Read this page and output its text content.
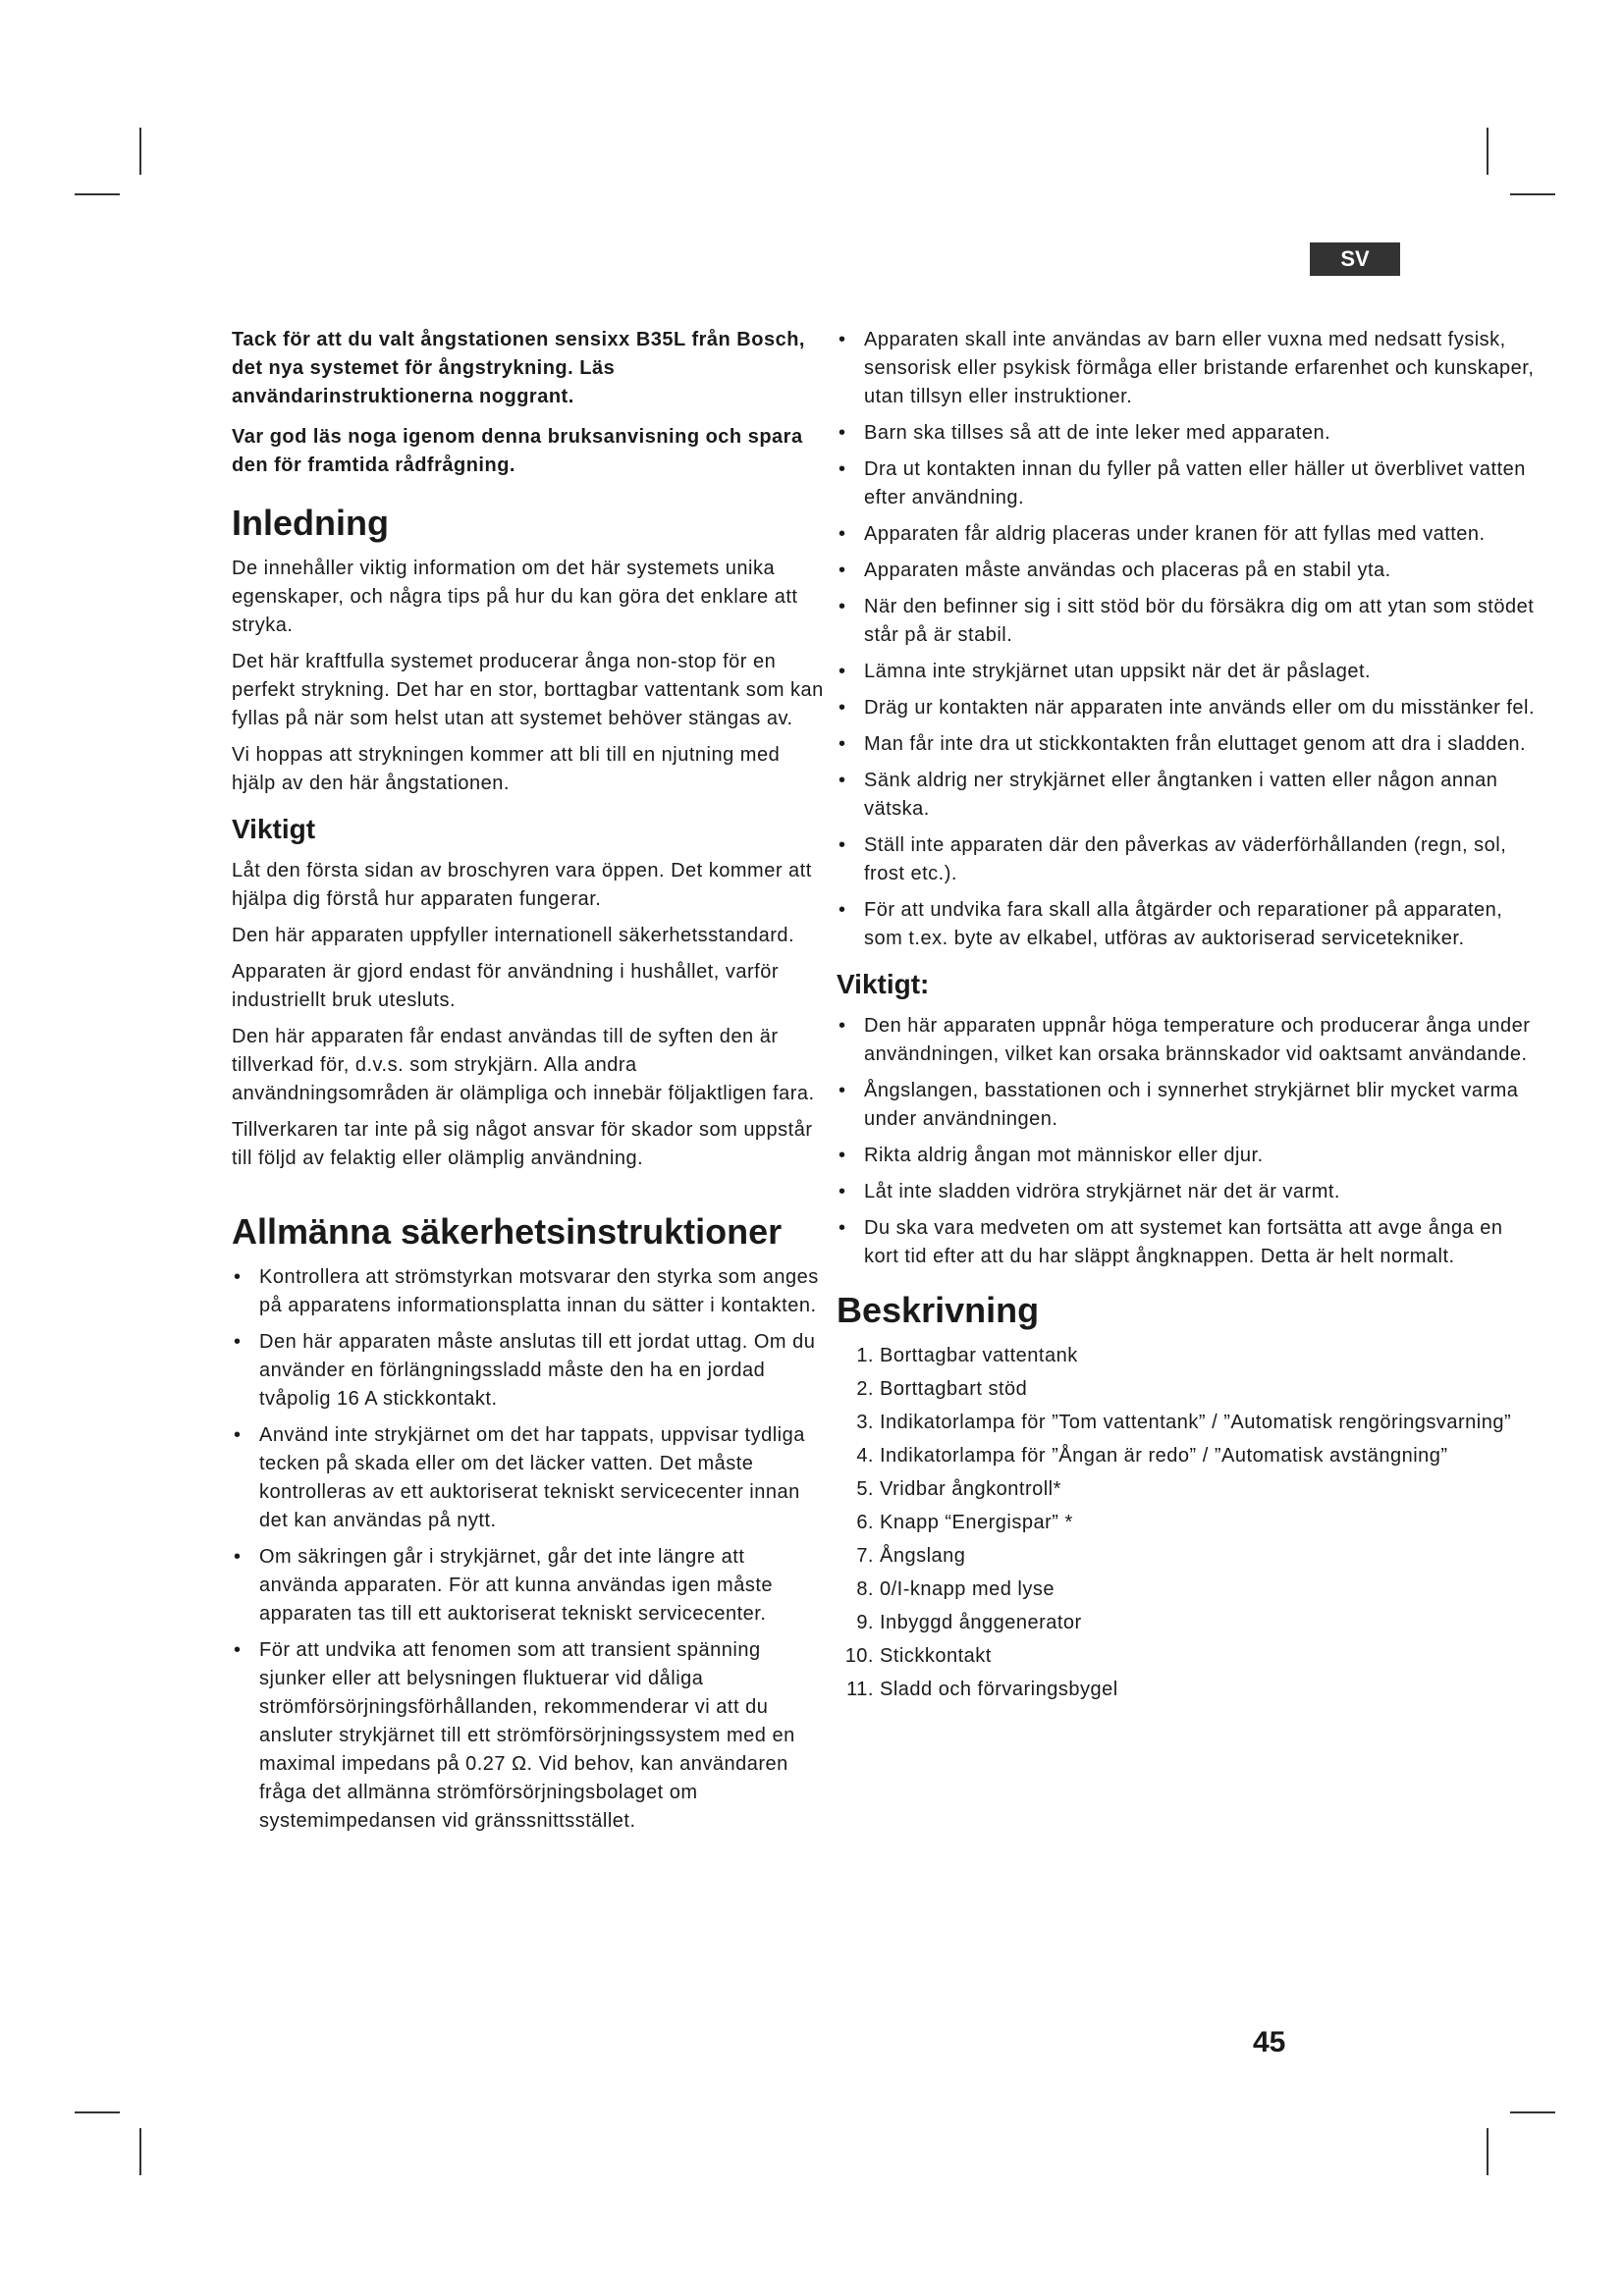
SV

Tack för att du valt ångstationen sensixx B35L från Bosch, det nya systemet för ångstrykning. Läs användarinstruktionerna noggrant.

Var god läs noga igenom denna bruksanvisning och spara den för framtida rådfrågning.

Inledning

De innehåller viktig information om det här systemets unika egenskaper, och några tips på hur du kan göra det enklare att stryka.

Det här kraftfulla systemet producerar ånga non-stop för en perfekt strykning. Det har en stor, borttagbar vattentank som kan fyllas på när som helst utan att systemet behöver stängas av.

Vi hoppas att strykningen kommer att bli till en njutning med hjälp av den här ångstationen.

Viktigt

Låt den första sidan av broschyren vara öppen. Det kommer att hjälpa dig förstå hur apparaten fungerar.

Den här apparaten uppfyller internationell säkerhetsstandard.

Apparaten är gjord endast för användning i hushållet, varför industriellt bruk utesluts.

Den här apparaten får endast användas till de syften den är tillverkad för, d.v.s. som strykjärn. Alla andra användningsområden är olämpliga och innebär följaktligen fara.

Tillverkaren tar inte på sig något ansvar för skador som uppstår till följd av felaktig eller olämplig användning.

Allmänna säkerhetsinstruktioner
• Kontrollera att strömstyrkan motsvarar den styrka som anges på apparatens informationsplatta innan du sätter i kontakten.
• Den här apparaten måste anslutas till ett jordat uttag. Om du använder en förlängningssladd måste den ha en jordad tvåpolig 16 A stickkontakt.
• Använd inte strykjärnet om det har tappats, uppvisar tydliga tecken på skada eller om det läcker vatten. Det måste kontrolleras av ett auktoriserat tekniskt servicecenter innan det kan användas på nytt.
• Om säkringen går i strykjärnet, går det inte längre att använda apparaten. För att kunna användas igen måste apparaten tas till ett auktoriserat tekniskt servicecenter.
• För att undvika att fenomen som att transient spänning sjunker eller att belysningen fluktuerar vid dåliga strömförsörjningsförhållanden, rekommenderar vi att du ansluter strykjärnet till ett strömförsörjningssystem med en maximal impedans på 0.27 Ω. Vid behov, kan användaren fråga det allmänna strömförsörjningsbolaget om systemimpedansen vid gränssnittsstället.
• Apparaten skall inte användas av barn eller vuxna med nedsatt fysisk, sensorisk eller psykisk förmåga eller bristande erfarenhet och kunskaper, utan tillsyn eller instruktioner.
• Barn ska tillses så att de inte leker med apparaten.
• Dra ut kontakten innan du fyller på vatten eller häller ut överblivet vatten efter användning.
• Apparaten får aldrig placeras under kranen för att fyllas med vatten.
• Apparaten måste användas och placeras på en stabil yta.
• När den befinner sig i sitt stöd bör du försäkra dig om att ytan som stödet står på är stabil.
• Lämna inte strykjärnet utan uppsikt när det är påslaget.
• Dräg ur kontakten när apparaten inte används eller om du misstänker fel.
• Man får inte dra ut stickkontakten från eluttaget genom att dra i sladden.
• Sänk aldrig ner strykjärnet eller ångtanken i vatten eller någon annan vätska.
• Ställ inte apparaten där den påverkas av väderförhållanden (regn, sol, frost etc.).
• För att undvika fara skall alla åtgärder och reparationer på apparaten, som t.ex. byte av elkabel, utföras av auktoriserad servicetekniker.
Viktigt:
• Den här apparaten uppnår höga temperature och producerar ånga under användningen, vilket kan orsaka brännskador vid oaktsamt användande.
• Ångslangen, basstationen och i synnerhet strykjärnet blir mycket varma under användningen.
• Rikta aldrig ångan mot människor eller djur.
• Låt inte sladden vidröra strykjärnet när det är varmt.
• Du ska vara medveten om att systemet kan fortsätta att avge ånga en kort tid efter att du har släppt ångknappen. Detta är helt normalt.
Beskrivning
1. Borttagbar vattentank
2. Borttagbart stöd
3. Indikatorlampa för ”Tom vattentank” / ”Automatisk rengöringsvarning”
4. Indikatorlampa för ”Ångan är redo” / ”Automatisk avstängning”
5. Vridbar ångkontroll*
6. Knapp “Energispar” *
7. Ångslang
8. 0/I-knapp med lyse
9. Inbyggd ånggenerator
10. Stickkontakt
11. Sladd och förvaringsbygel
45
